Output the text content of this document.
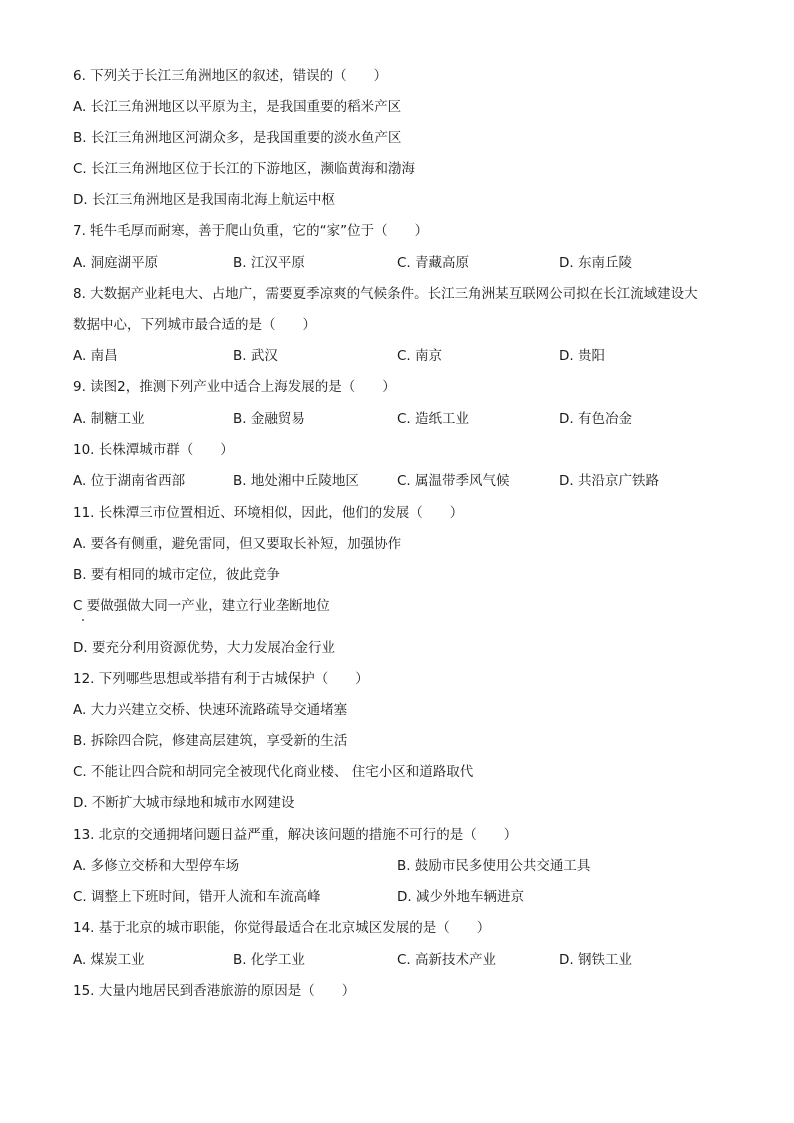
6. 下列关于长江三角洲地区的叙述，错误的（　　）
A. 长江三角洲地区以平原为主，是我国重要的稻米产区
B. 长江三角洲地区河湖众多，是我国重要的淡水鱼产区
C. 长江三角洲地区位于长江的下游地区，濒临黄海和渤海
D. 长江三角洲地区是我国南北海上航运中枢
7. 牦牛毛厚而耐寒，善于爬山负重，它的“家”位于（　　）
A. 洞庭湖平原	B. 江汉平原	C. 青藏高原	D. 东南丘陵
8. 大数据产业耗电大、占地广，需要夏季凉爽的气候条件。长江三角洲某互联网公司拟在长江流域建设大
数据中心，下列城市最合适的是（　　）
A. 南昌	B. 武汉	C. 南京	D. 贵阳
9. 读图2，推测下列产业中适合上海发展的是（　　）
A. 制糖工业	B. 金融贸易	C. 造纸工业	D. 有色冶金
10. 长株潭城市群（　　）
A. 位于湖南省西部	B. 地处湘中丘陵地区	C. 属温带季风气候	D. 共沿京广铁路
11. 长株潭三市位置相近、环境相似，因此，他们的发展（　　）
A. 要各有侧重，避免雷同，但又要取长补短，加强协作
B. 要有相同的城市定位，彼此竞争
C 要做强做大同一产业，建立行业垄断地位
D. 要充分利用资源优势，大力发展冶金行业
12. 下列哪些思想或举措有利于古城保护（　　）
A. 大力兴建立交桥、快速环流路疏导交通堵塞
B. 拆除四合院，修建高层建筑，享受新的生活
C. 不能让四合院和胡同完全被现代化商业楼、 住宅小区和道路取代
D. 不断扩大城市绿地和城市水网建设
13. 北京的交通拥堵问题日益严重，解决该问题的措施不可行的是（　　）
A. 多修立交桥和大型停车场	B. 鼓励市民多使用公共交通工具
C. 调整上下班时间，错开人流和车流高峰	D. 减少外地车辆进京
14. 基于北京的城市职能，你觉得最适合在北京城区发展的是（　　）
A. 煤炭工业	B. 化学工业	C. 高新技术产业	D. 钢铁工业
15. 大量内地居民到香港旅游的原因是（　　）
